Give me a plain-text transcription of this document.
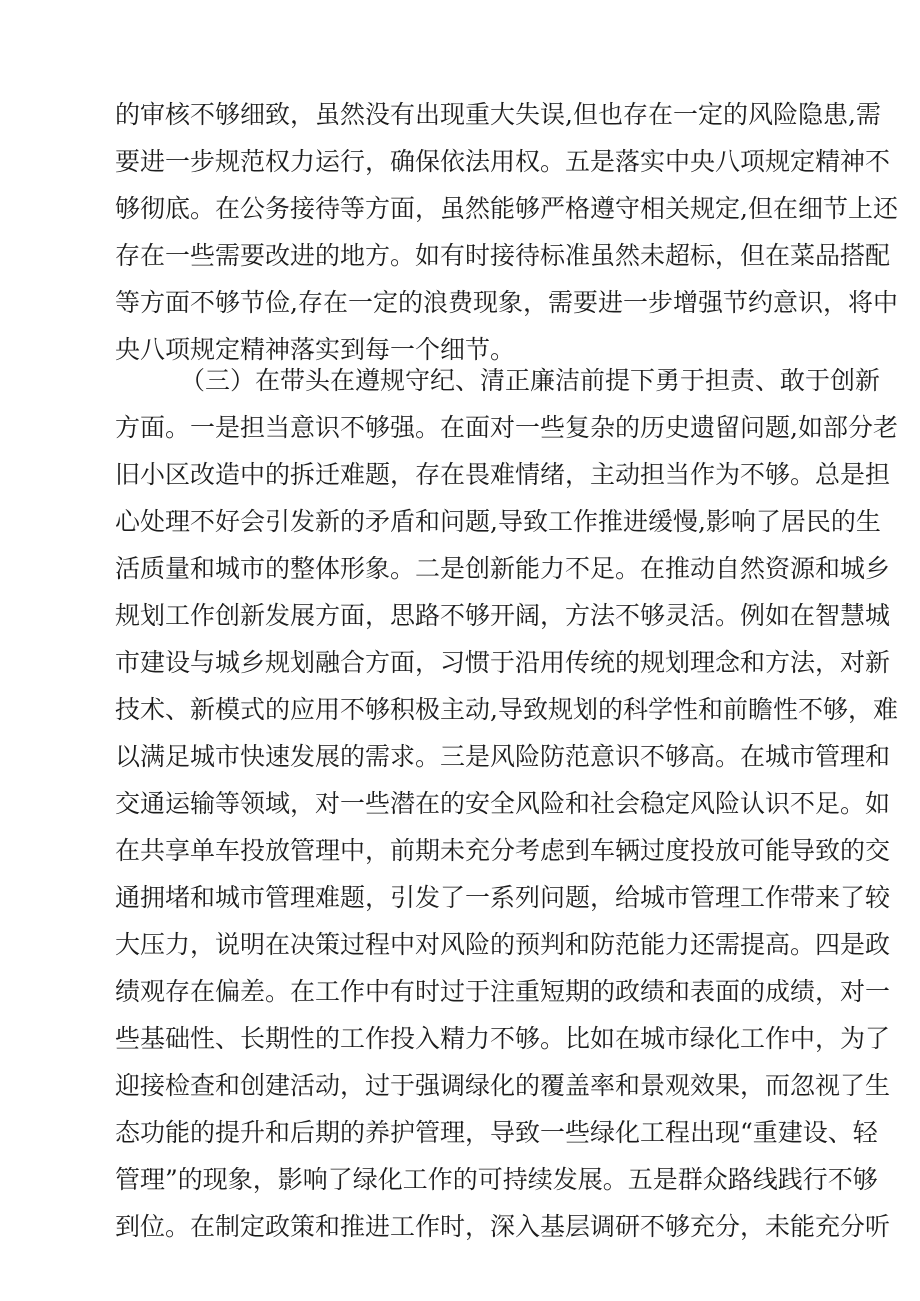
的审核不够细致，虽然没有出现重大失误,但也存在一定的风险隐患,需
要进一步规范权力运行，确保依法用权。五是落实中央八项规定精神不
够彻底。在公务接待等方面，虽然能够严格遵守相关规定,但在细节上还
存在一些需要改进的地方。如有时接待标准虽然未超标，但在菜品搭配
等方面不够节俭,存在一定的浪费现象，需要进一步增强节约意识，将中
央八项规定精神落实到每一个细节。
（三）在带头在遵规守纪、清正廉洁前提下勇于担责、敢于创新
方面。一是担当意识不够强。在面对一些复杂的历史遗留问题,如部分老
旧小区改造中的拆迁难题，存在畏难情绪，主动担当作为不够。总是担
心处理不好会引发新的矛盾和问题,导致工作推进缓慢,影响了居民的生
活质量和城市的整体形象。二是创新能力不足。在推动自然资源和城乡
规划工作创新发展方面，思路不够开阔，方法不够灵活。例如在智慧城
市建设与城乡规划融合方面，习惯于沿用传统的规划理念和方法，对新
技术、新模式的应用不够积极主动,导致规划的科学性和前瞻性不够，难
以满足城市快速发展的需求。三是风险防范意识不够高。在城市管理和
交通运输等领域，对一些潜在的安全风险和社会稳定风险认识不足。如
在共享单车投放管理中，前期未充分考虑到车辆过度投放可能导致的交
通拥堵和城市管理难题，引发了一系列问题，给城市管理工作带来了较
大压力，说明在决策过程中对风险的预判和防范能力还需提高。四是政
绩观存在偏差。在工作中有时过于注重短期的政绩和表面的成绩，对一
些基础性、长期性的工作投入精力不够。比如在城市绿化工作中，为了
迎接检查和创建活动，过于强调绿化的覆盖率和景观效果，而忽视了生
态功能的提升和后期的养护管理，导致一些绿化工程出现“重建设、轻
管理”的现象，影响了绿化工作的可持续发展。五是群众路线践行不够
到位。在制定政策和推进工作时，深入基层调研不够充分，未能充分听
